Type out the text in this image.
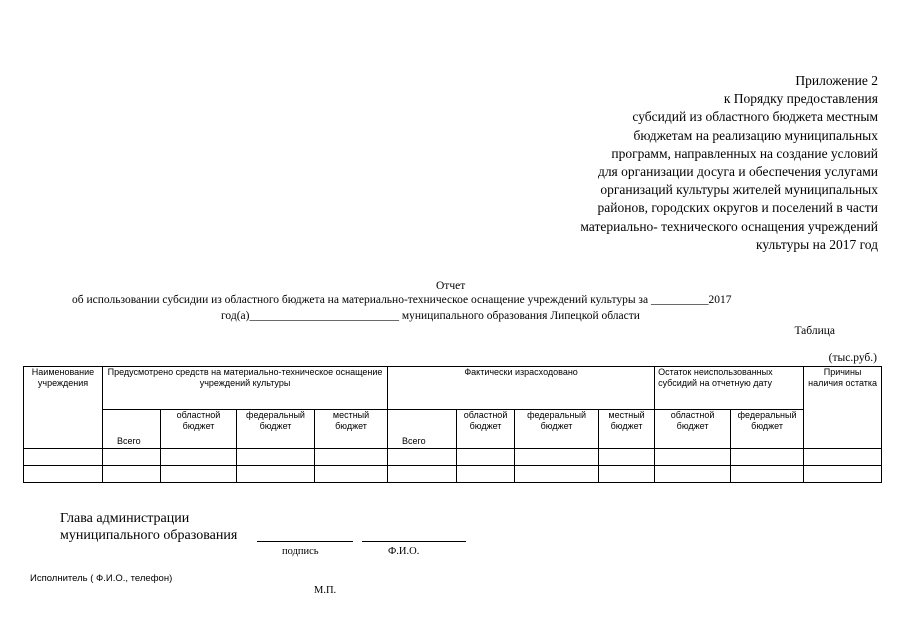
Приложение 2
к Порядку предоставления
субсидий из областного бюджета местным
бюджетам на реализацию муниципальных
программ, направленных на создание условий
для организации досуга и обеспечения услугами
организаций культуры жителей муниципальных
районов, городских округов и поселений в части
материально- технического оснащения учреждений
культуры на 2017 год
Отчет
об использовании субсидии из областного бюджета на материально-техническое оснащение учреждений культуры за __________2017
год(а)__________________________ муниципального образования Липецкой области
Таблица
(тыс.руб.)
Наименование учреждения	Предусмотрено средств на материально-техническое оснащение учреждений культуры				Фактически израсходовано				Остаток неиспользованных субсидий на отчетную дату		Причины наличия остатка
	Всего	областной бюджет	федеральный бюджет	местный бюджет	Всего	областной бюджет	федеральный бюджет	местный бюджет	областной бюджет	федеральный бюджет	

Глава администрации
муниципального образования
подпись	Ф.И.О.
Исполнитель ( Ф.И.О., телефон)
М.П.
